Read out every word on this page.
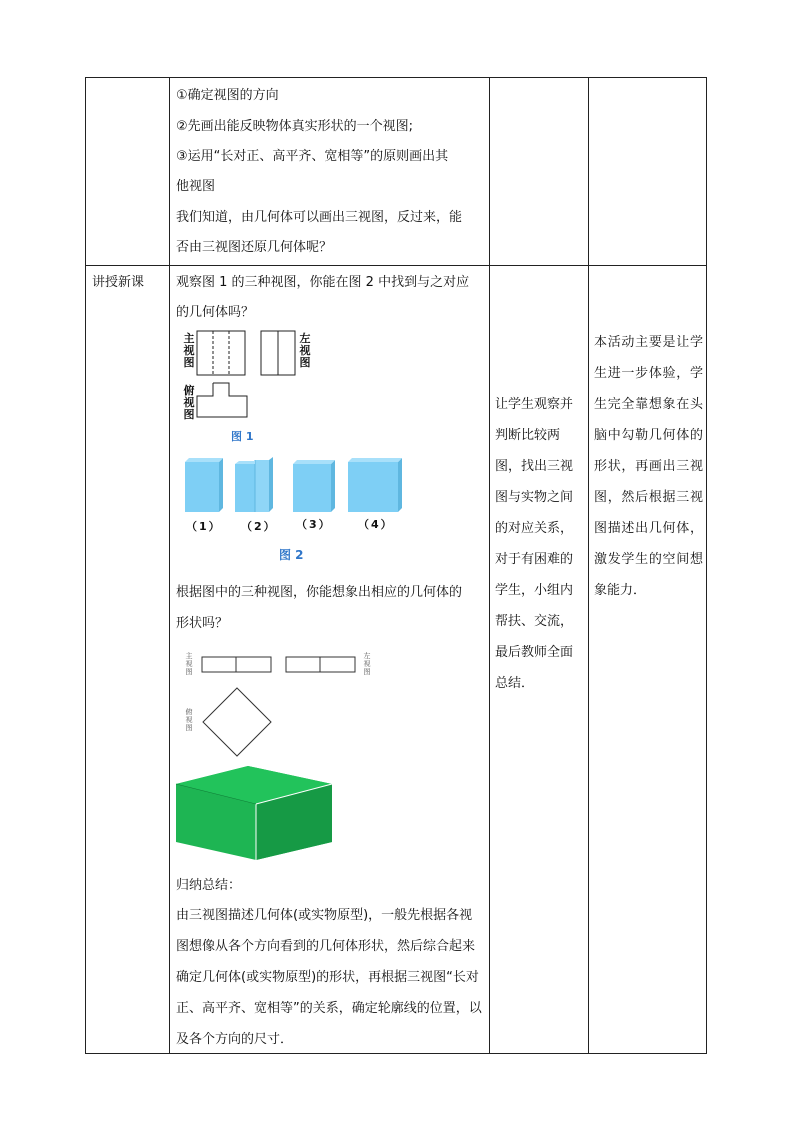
①确定视图的方向
②先画出能反映物体真实形状的一个视图;
③运用“长对正、高平齐、宽相等”的原则画出其
他视图
我们知道，由几何体可以画出三视图，反过来，能
否由三视图还原几何体呢？
讲授新课 观察图 1 的三种视图，你能在图 2 中找到与之对应
的几何体吗？
主视图
左视图
俯视图
图 1
（1） （2） （3） （4）
图 2
根据图中的三种视图，你能想象出相应的几何体的
形状吗？
主视图
左视图
俯视图
归纳总结：
由三视图描述几何体(或实物原型)，一般先根据各视图想像从各个方向看到的几何体形状，然后综合起来确定几何体(或实物原型)的形状，再根据三视图“长对正、高平齐、宽相等”的关系，确定轮廓线的位置，以及各个方向的尺寸．
让学生观察并判断比较两图，找出三视图与实物之间的对应关系，对于有困难的学生，小组内帮扶、交流，最后教师全面总结．
本活动主要是让学生进一步体验，学生完全靠想象在头脑中勾勒几何体的形状，再画出三视图，然后根据三视图描述出几何体，激发学生的空间想象能力．
